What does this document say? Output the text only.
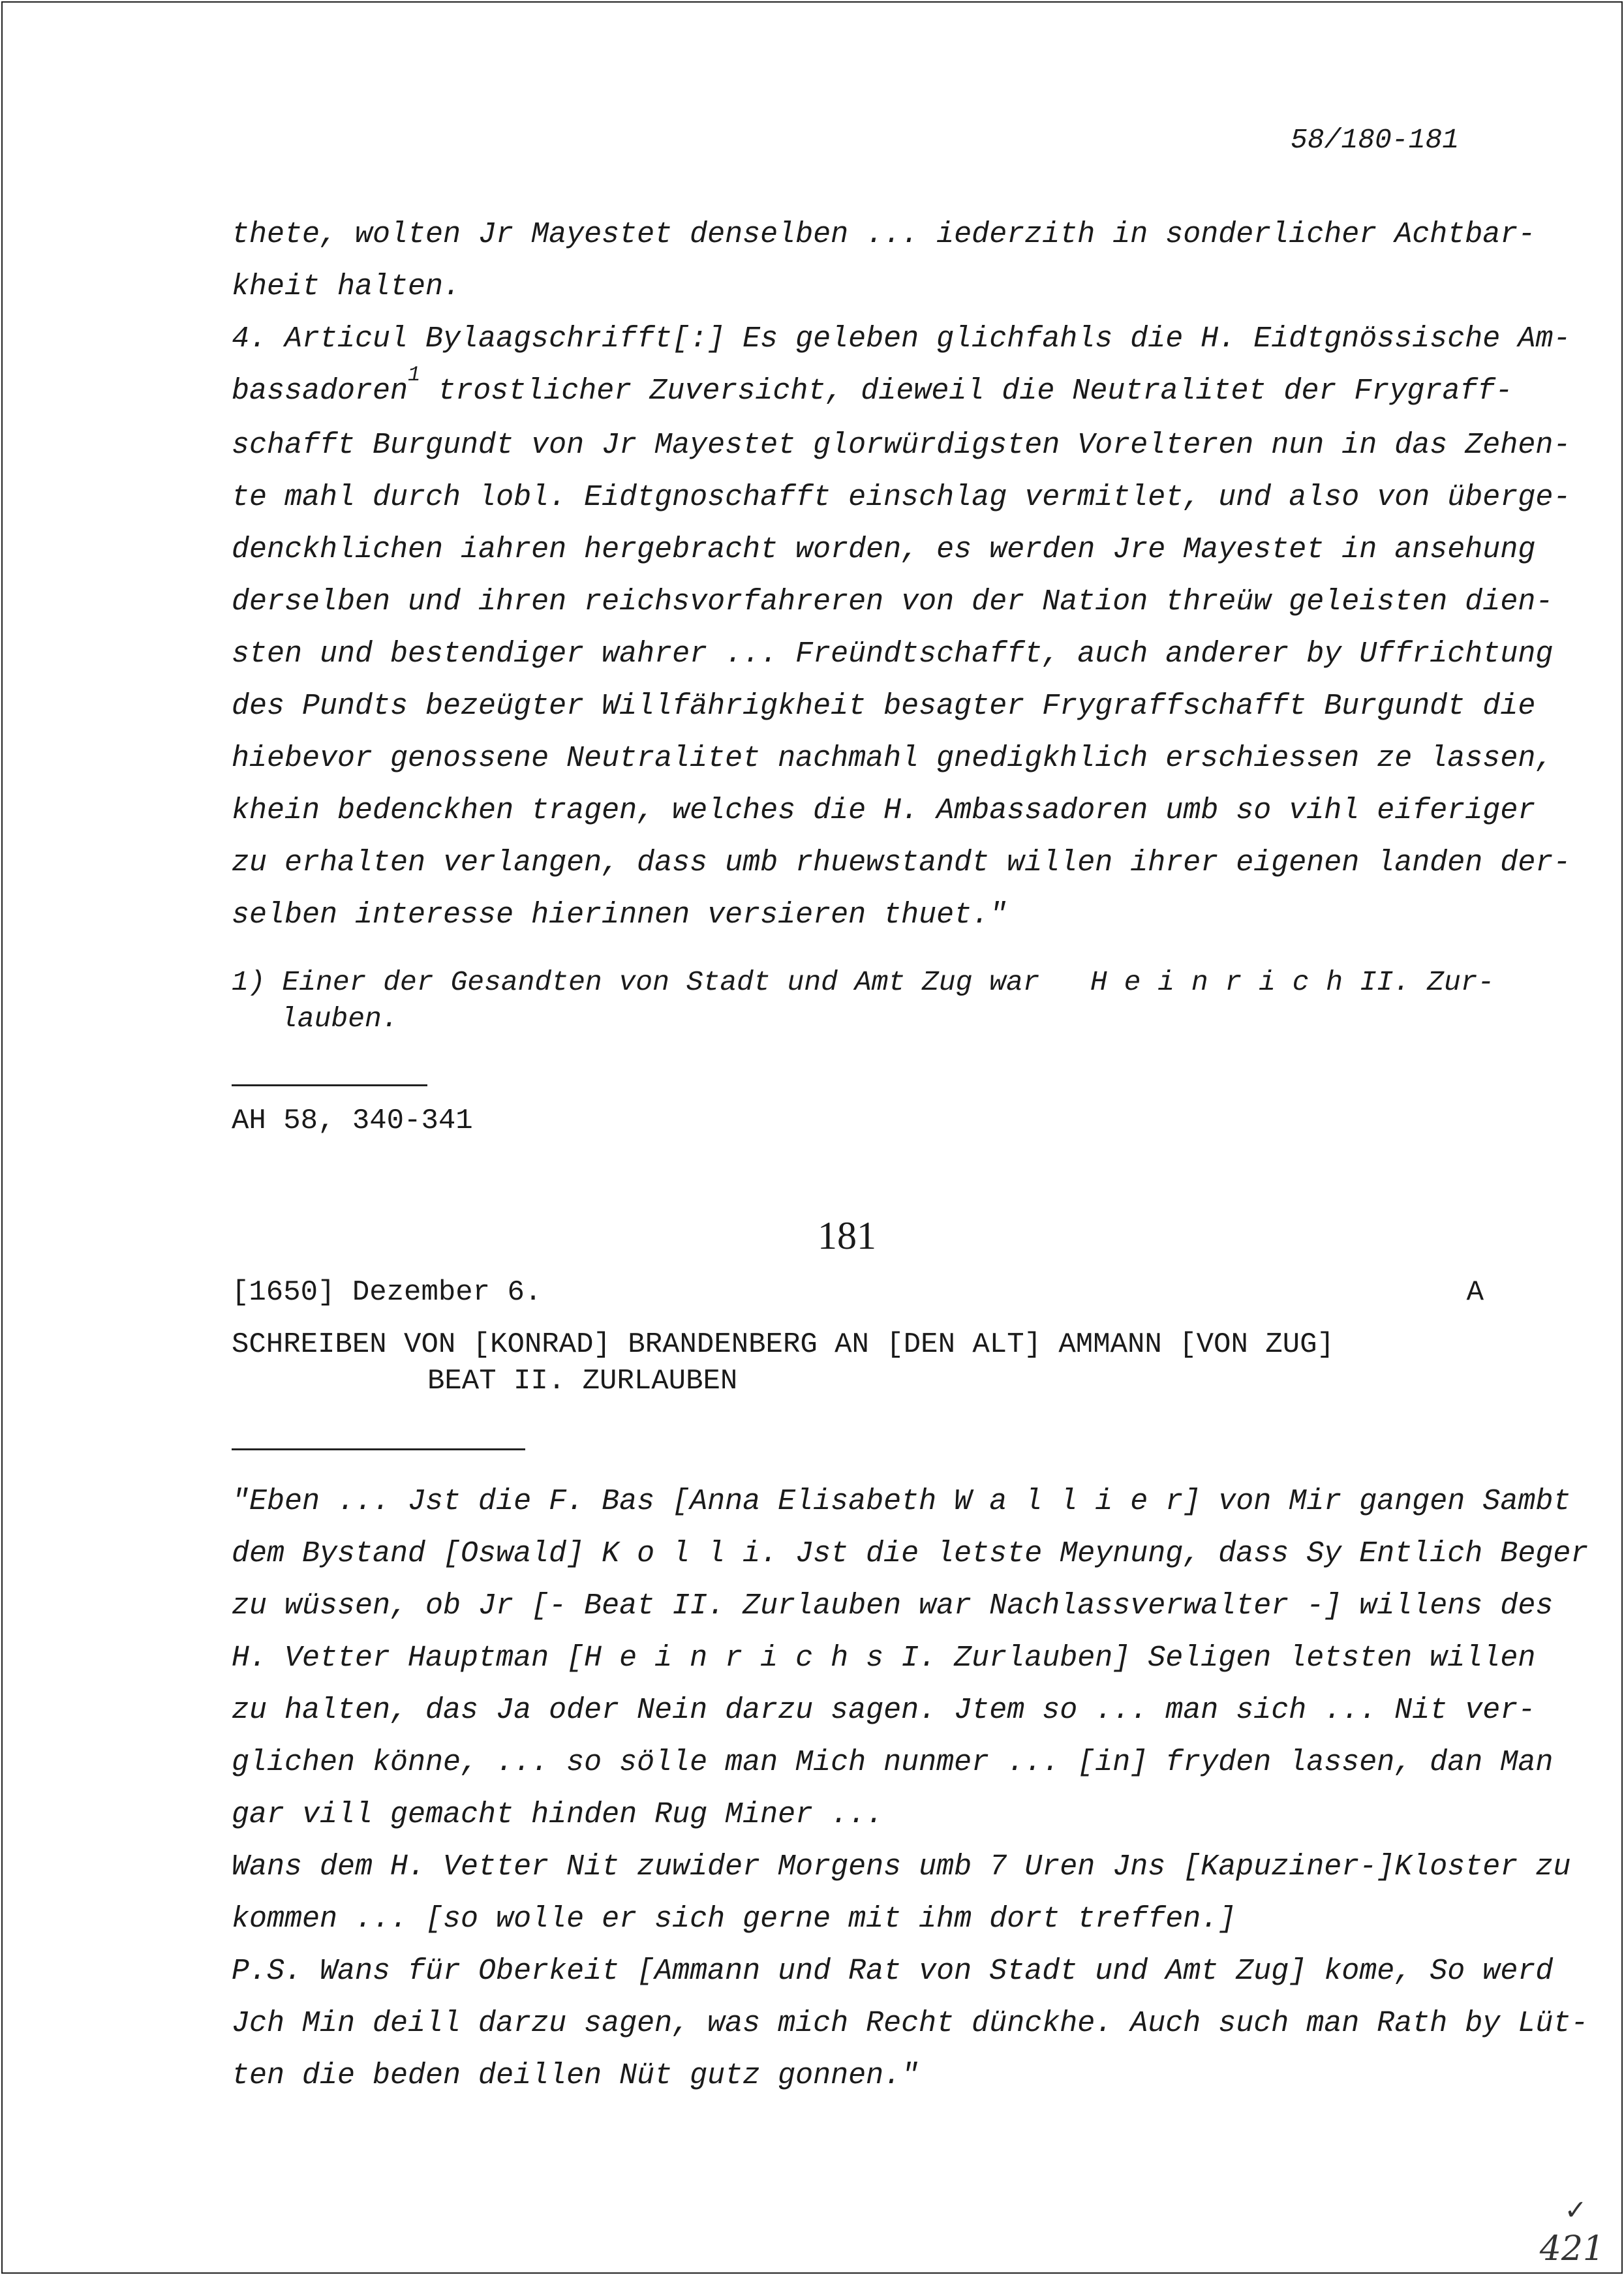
58/180-181
thete, wolten Jr Mayestet denselben ... iederzith in sonderlicher Achtbar-
kheit halten.
4. Articul Bylaagschrifft[:] Es geleben glichfahls die H. Eidtgnössische Am-
bassadoren$^1$ trostlicher Zuversicht, dieweil die Neutralitet der Frygraff-
schafft Burgundt von Jr Mayestet glorwürdigsten Vorelteren nun in das Zehen-
te mahl durch lobl. Eidtgnoschafft einschlag vermitlet, und also von überge-
denckhlichen iahren hergebracht worden, es werden Jre Mayestet in ansehung
derselben und ihren reichsvorfahreren von der Nation threüw geleisten dien-
sten und bestendiger wahrer ... Freündtschafft, auch anderer by Uffrichtung
des Pundts bezeügter Willfährigkheit besagter Frygraffschafft Burgundt die
hiebevor genossene Neutralitet nachmahl gnedigkhlich erschiessen ze lassen,
khein bedenckhen tragen, welches die H. Ambassadoren umb so vihl eiferiger
zu erhalten verlangen, dass umb rhuewstandt willen ihrer eigenen landen der-
selben interesse hierinnen versieren thuet."
1) Einer der Gesandten von Stadt und Amt Zug war H e i n r i c h II. Zur-
lauben.
AH 58, 340-341
181
[1650] Dezember 6.	A
SCHREIBEN VON [KONRAD] BRANDENBERG AN [DEN ALT] AMMANN [VON ZUG]
BEAT II. ZURLAUBEN
"Eben ... Jst die F. Bas [Anna Elisabeth W a l l i e r] von Mir gangen Sambt
dem Bystand [Oswald] K o l l i. Jst die letste Meynung, dass Sy Entlich Beger
zu wüssen, ob Jr [- Beat II. Zurlauben war Nachlassverwalter -] willens des
H. Vetter Hauptman [H e i n r i c h s I. Zurlauben] Seligen letsten willen
zu halten, das Ja oder Nein darzu sagen. Jtem so ... man sich ... Nit ver-
glichen könne, ... so sölle man Mich nunmer ... [in] fryden lassen, dan Man
gar vill gemacht hinden Rug Miner ...
Wans dem H. Vetter Nit zuwider Morgens umb 7 Uren Jns [Kapuziner-]Kloster zu
kommen ... [so wolle er sich gerne mit ihm dort treffen.]
P.S. Wans für Oberkeit [Ammann und Rat von Stadt und Amt Zug] kome, So werd
Jch Min deill darzu sagen, was mich Recht dünckhe. Auch such man Rath by Lüt-
ten die beden deillen Nüt gutz gonnen."
✓
421
